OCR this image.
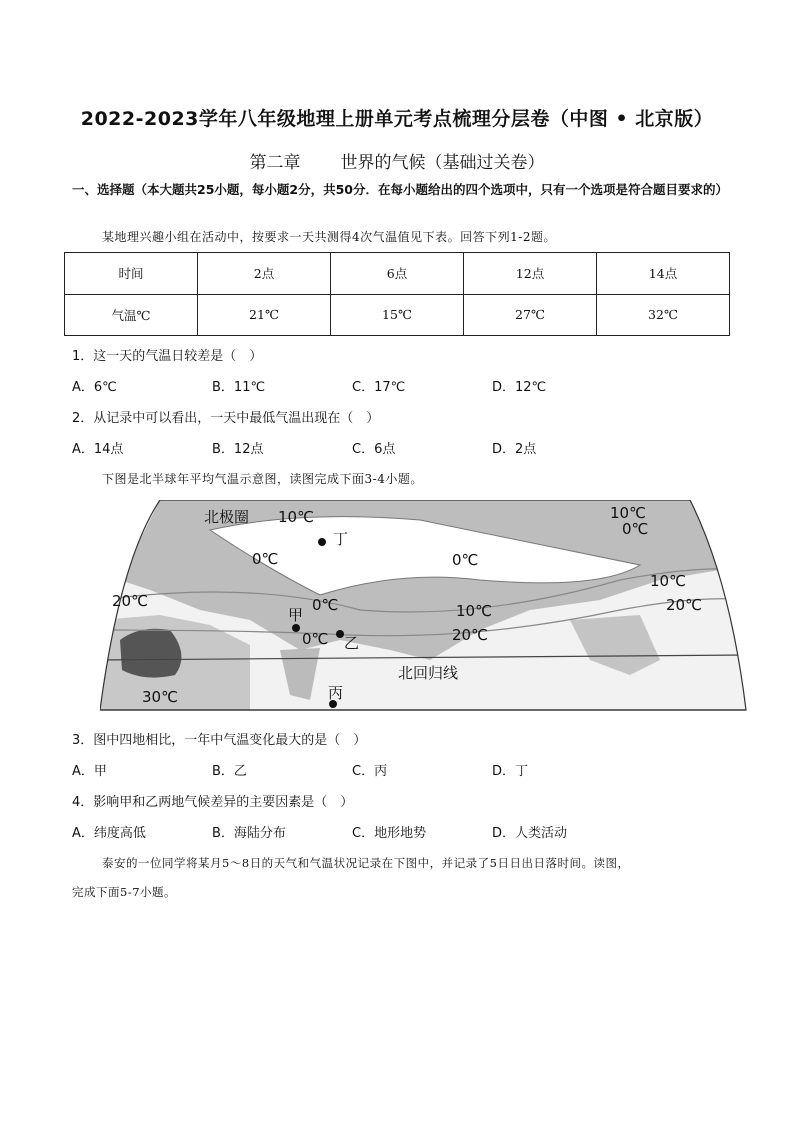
2022-2023学年八年级地理上册单元考点梳理分层卷（中图 • 北京版）
第二章 世界的气候（基础过关卷）
一、选择题（本大题共25小题，每小题2分，共50分．在每小题给出的四个选项中，只有一个选项是符合题目要求的）
某地理兴趣小组在活动中，按要求一天共测得4次气温值见下表。回答下列1-2题。
时间	2点	6点	12点	14点
气温℃	21℃	15℃	27℃	32℃
1．这一天的气温日较差是（　）
A．6℃	B．11℃	C．17℃	D．12℃
2．从记录中可以看出，一天中最低气温出现在（　）
A．14点	B．12点	C．6点	D．2点
下图是北半球年平均气温示意图，读图完成下面3-4小题。
北极圈 10℃
丁
0℃	0℃
10℃
0℃
10℃
20℃	0℃	20℃
甲	10℃
20℃
0℃ 乙
北回归线
30℃	丙
3．图中四地相比，一年中气温变化最大的是（　）
A．甲	B．乙	C．丙	D．丁
4．影响甲和乙两地气候差异的主要因素是（　）
A．纬度高低	B．海陆分布	C．地形地势	D．人类活动
泰安的一位同学将某月5～8日的天气和气温状况记录在下图中，并记录了5日日出日落时间。读图，
完成下面5-7小题。
